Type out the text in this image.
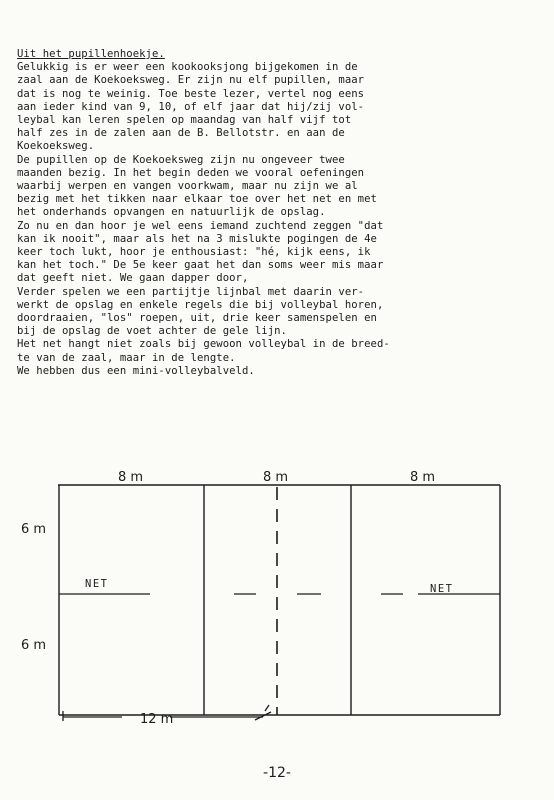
Uit het pupillenhoekje.
Gelukkig is er weer een kookooksjong bijgekomen in de
zaal aan de Koekoeksweg. Er zijn nu elf pupillen, maar
dat is nog te weinig. Toe beste lezer, vertel nog eens
aan ieder kind van 9, 10, of elf jaar dat hij/zij vol-
leybal kan leren spelen op maandag van half vijf tot
half zes in de zalen aan de B. Bellotstr. en aan de
Koekoeksweg.
De pupillen op de Koekoeksweg zijn nu ongeveer twee
maanden bezig. In het begin deden we vooral oefeningen
waarbij werpen en vangen voorkwam, maar nu zijn we al
bezig met het tikken naar elkaar toe over het net en met
het onderhands opvangen en natuurlijk de opslag.
Zo nu en dan hoor je wel eens iemand zuchtend zeggen "dat
kan ik nooit", maar als het na 3 mislukte pogingen de 4e
keer toch lukt, hoor je enthousiast: "hé, kijk eens, ik
kan het toch." De 5e keer gaat het dan soms weer mis maar
dat geeft niet. We gaan dapper door,
Verder spelen we een partijtje lijnbal met daarin ver-
werkt de opslag en enkele regels die bij volleybal horen,
doordraaien, "los" roepen, uit, drie keer samenspelen en
bij de opslag de voet achter de gele lijn.
Het net hangt niet zoals bij gewoon volleybal in de breed-
te van de zaal, maar in de lengte.
We hebben dus een mini-volleybalveld.
8 m	8 m	8 m
NET	NET
6 m
6 m
12 m
-12-
